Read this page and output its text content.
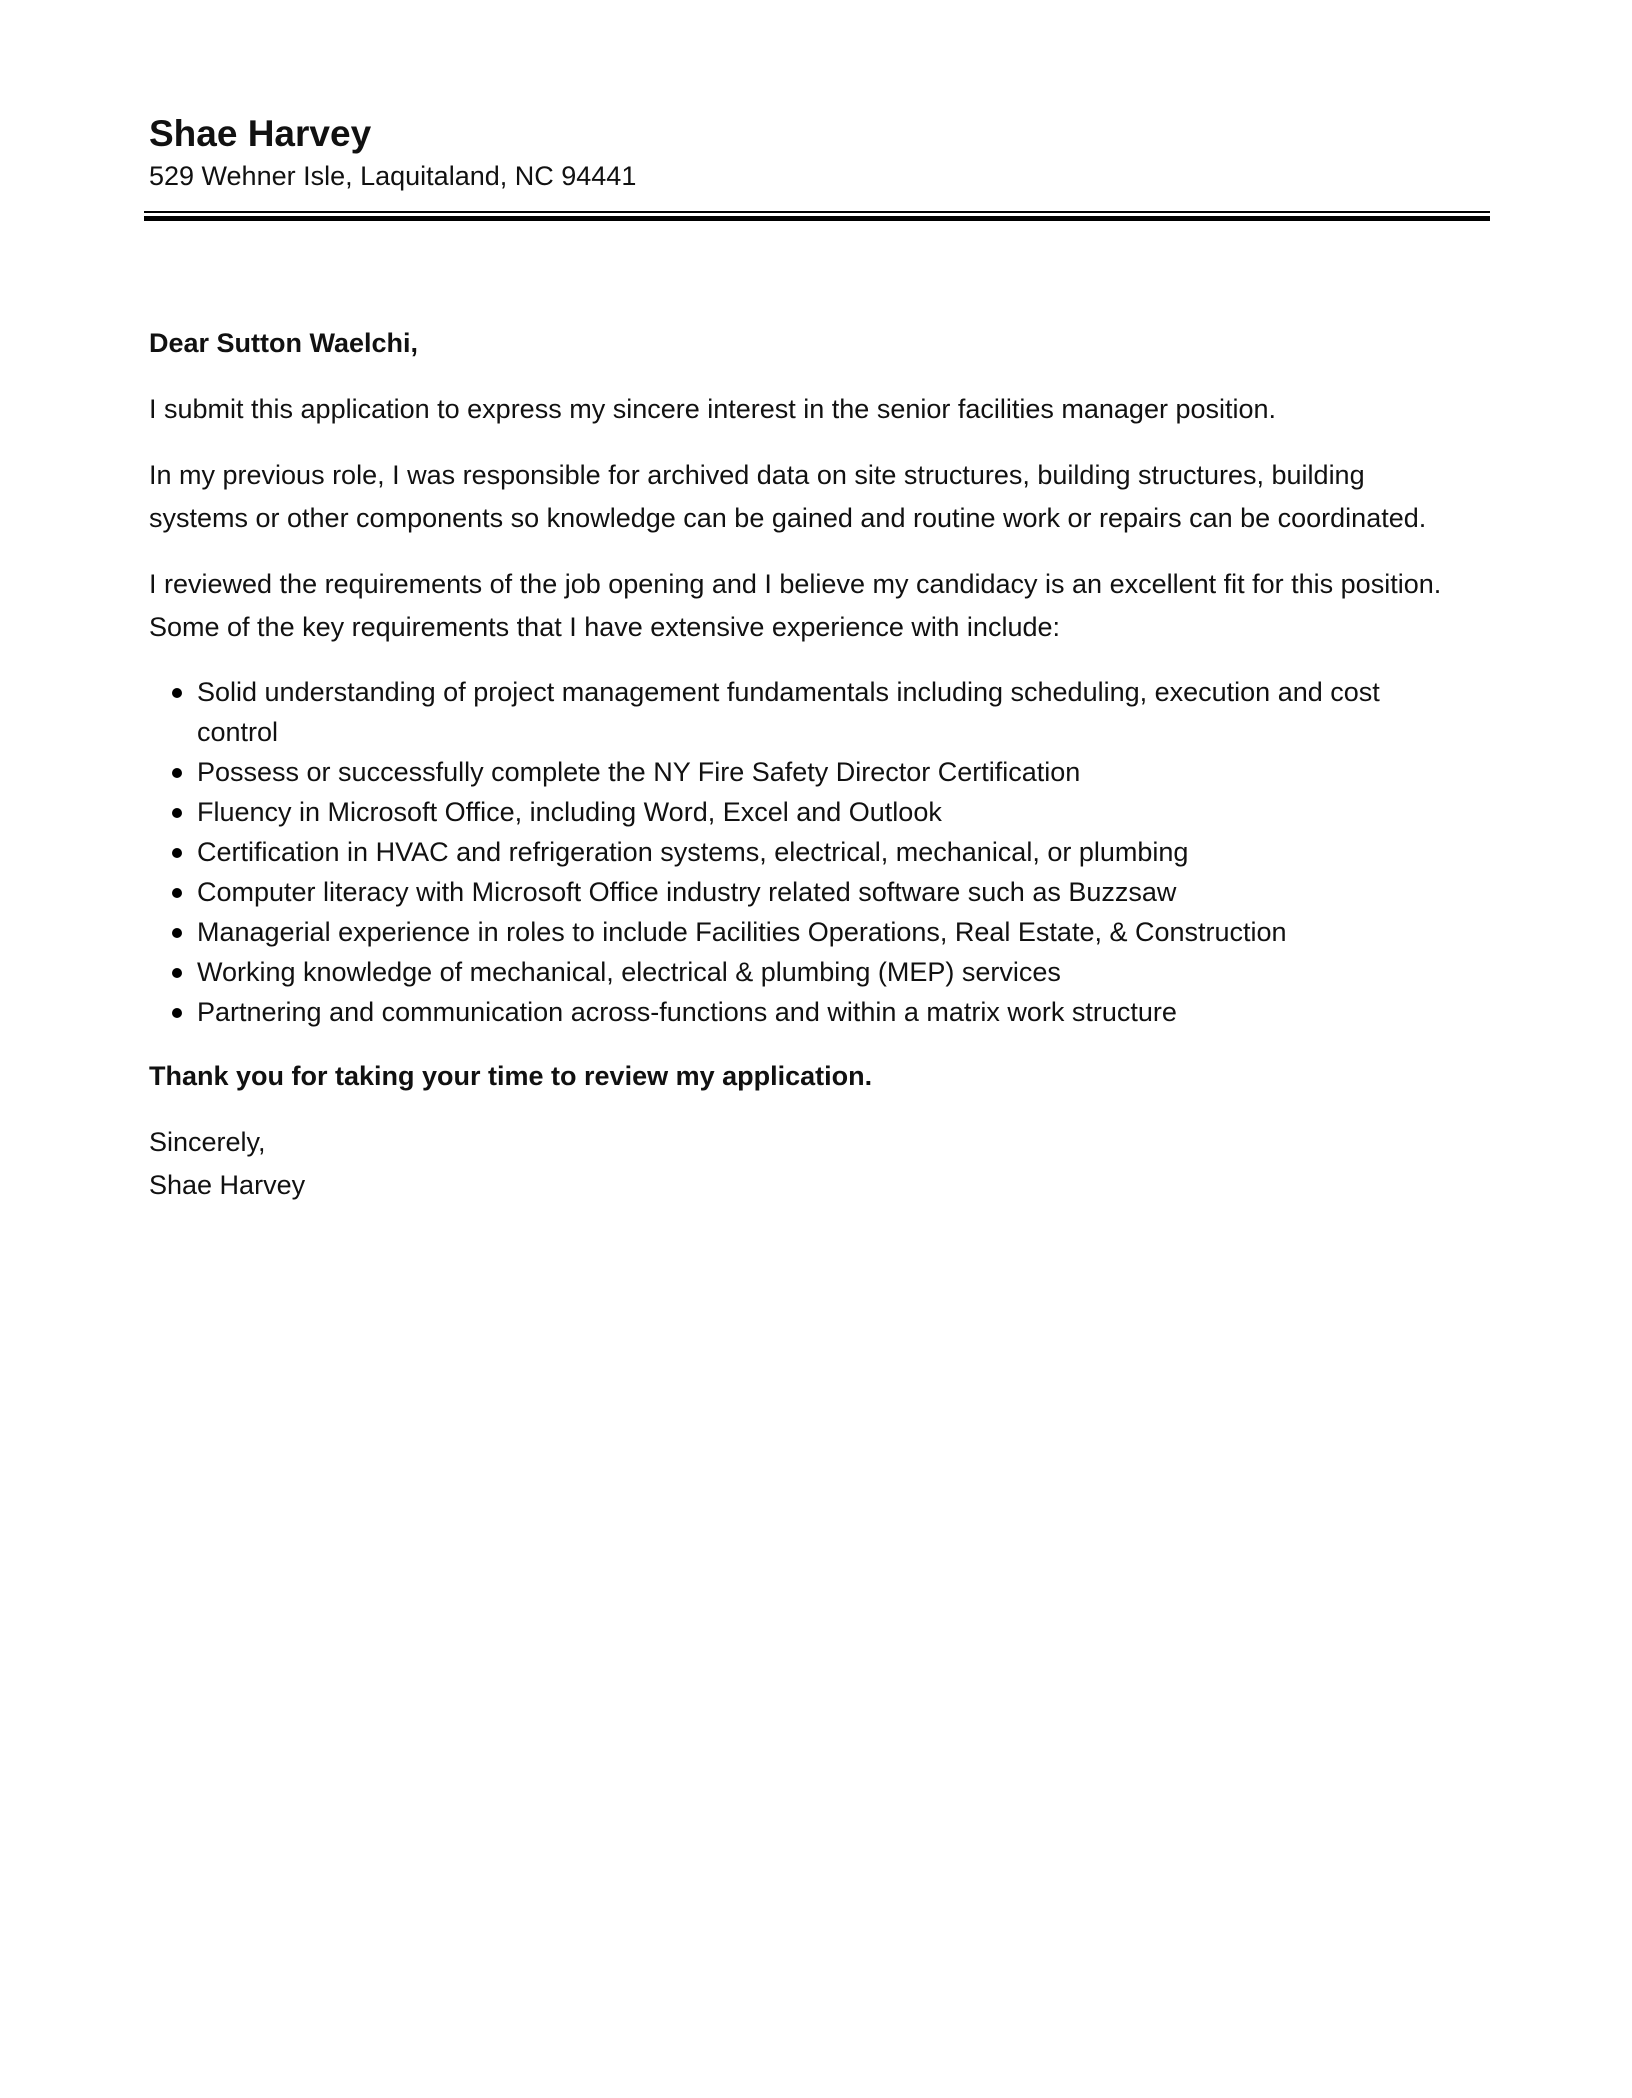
Shae Harvey

529 Wehner Isle, Laquitaland, NC 94441

Dear Sutton Waelchi,

I submit this application to express my sincere interest in the senior facilities manager position.

In my previous role, I was responsible for archived data on site structures, building structures, building systems or other components so knowledge can be gained and routine work or repairs can be coordinated.

I reviewed the requirements of the job opening and I believe my candidacy is an excellent fit for this position. Some of the key requirements that I have extensive experience with include:

Solid understanding of project management fundamentals including scheduling, execution and cost control
Possess or successfully complete the NY Fire Safety Director Certification
Fluency in Microsoft Office, including Word, Excel and Outlook
Certification in HVAC and refrigeration systems, electrical, mechanical, or plumbing
Computer literacy with Microsoft Office industry related software such as Buzzsaw
Managerial experience in roles to include Facilities Operations, Real Estate, & Construction
Working knowledge of mechanical, electrical & plumbing (MEP) services
Partnering and communication across-functions and within a matrix work structure

Thank you for taking your time to review my application.

Sincerely,

Shae Harvey
